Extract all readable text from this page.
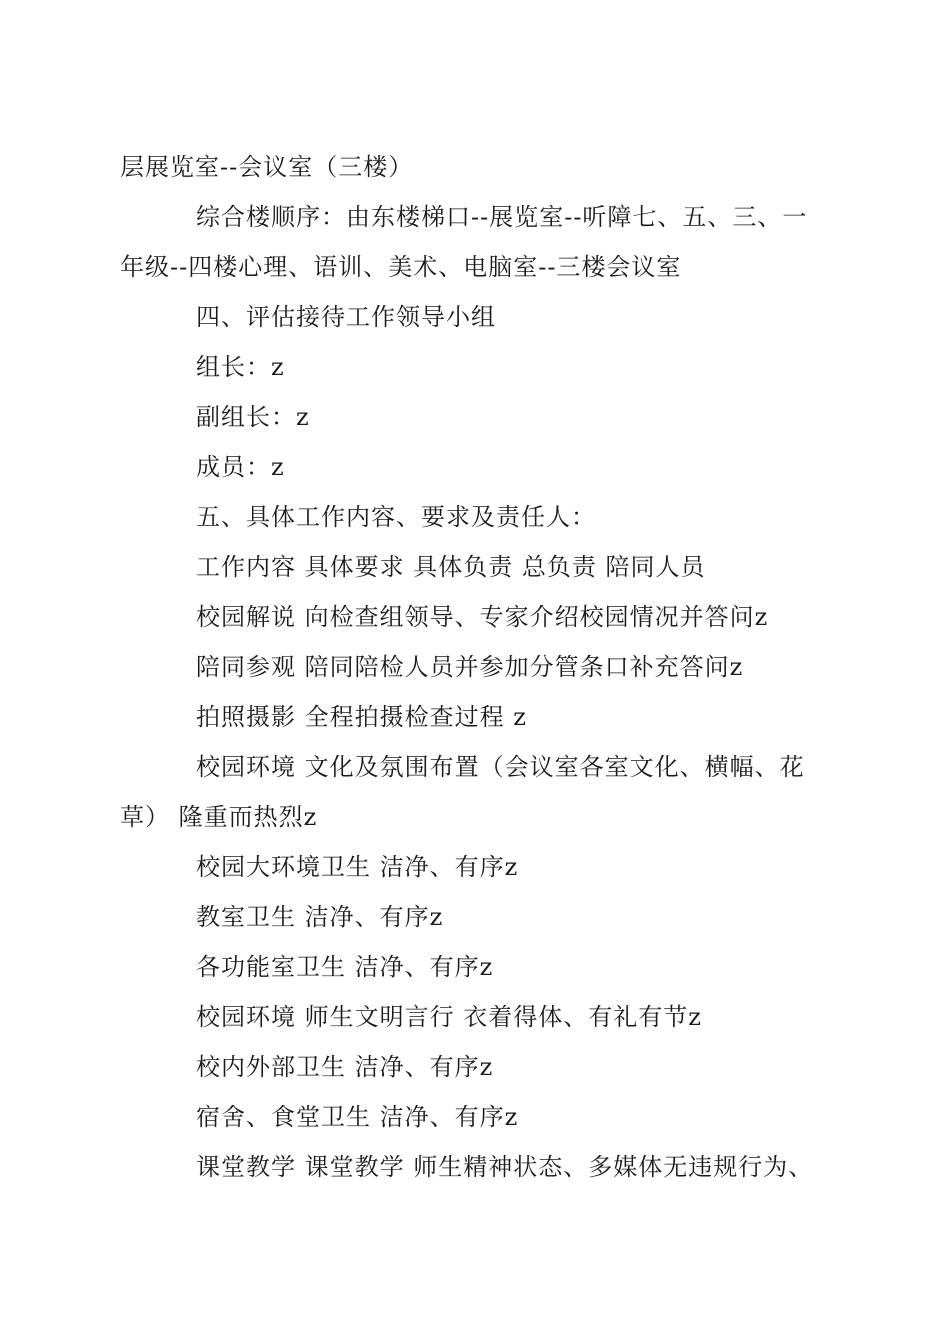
层展览室--会议室（三楼）

综合楼顺序：由东楼梯口--展览室--听障七、五、三、一年级--四楼心理、语训、美术、电脑室--三楼会议室

四、评估接待工作领导小组

组长：z

副组长：z

成员：z

五、具体工作内容、要求及责任人：

工作内容 具体要求 具体负责 总负责 陪同人员

校园解说 向检查组领导、专家介绍校园情况并答问z

陪同参观 陪同陪检人员并参加分管条口补充答问z

拍照摄影 全程拍摄检查过程 z

校园环境 文化及氛围布置（会议室各室文化、横幅、花草） 隆重而热烈z

校园大环境卫生 洁净、有序z

教室卫生 洁净、有序z

各功能室卫生 洁净、有序z

校园环境 师生文明言行 衣着得体、有礼有节z

校内外部卫生 洁净、有序z

宿舍、食堂卫生 洁净、有序z

课堂教学 课堂教学 师生精神状态、多媒体无违规行为、
